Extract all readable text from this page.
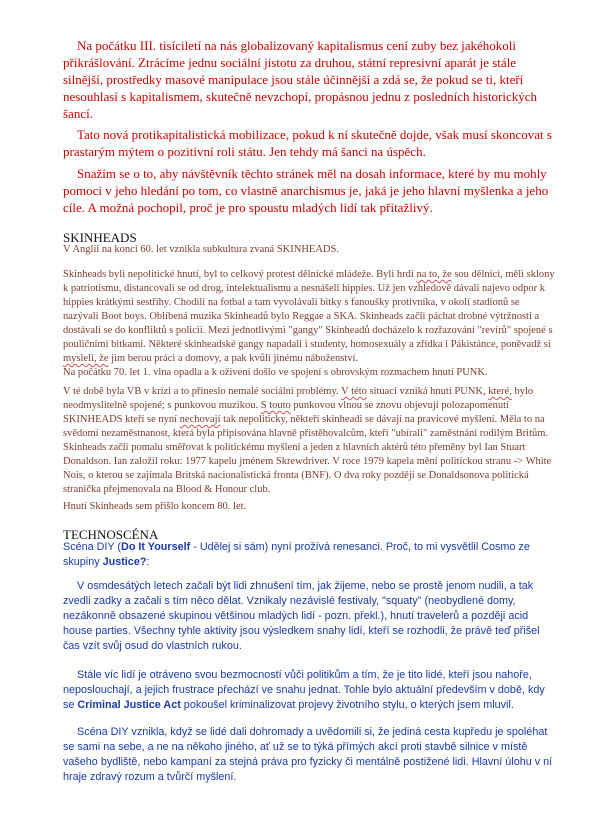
Na počátku III. tisíciletí na nás globalizovaný kapitalismus cení zuby bez jakéhokoli přikrášlování. Ztrácíme jednu sociální jistotu za druhou, státní represivní aparát je stále silnější, prostředky masové manipulace jsou stále účinnější a zdá se, že pokud se ti, kteří nesouhlasí s kapitalismem, skutečně nevzchopí, propásnou jednu z posledních historických šancí.

Tato nová protikapitalistická mobilizace, pokud k ní skutečně dojde, však musí skoncovat s prastarým mýtem o pozitivní roli státu. Jen tehdy má šanci na úspěch.

Snažím se o to, aby návštěvník těchto stránek měl na dosah informace, které by mu mohly pomoci v jeho hledání po tom, co vlastně anarchismus je, jaká je jeho hlavní myšlenka a jeho cíle. A možná pochopil, proč je pro spoustu mladých lidí tak přitažlivý.

SKINHEADS

V Anglii na konci 60. let vznikla subkultura zvaná SKINHEADS.

Skinheads byli nepolitické hnutí, byl to celkový protest dělnické mládeže. Byli hrdi na to, že sou dělníci, měli sklony k patriotismu, distancovali se od drog, intelektualismu a nesnášeli hippies. Už jen vzhledově dávali najevo odpor k hippies krátkými sestřihy. Chodili na fotbal a tam vyvolávali bitky s fanoušky protivníka, v okolí stadionů se nazývali Boot boys. Oblíbená muzika Skinheadů bylo Reggae a SKA. Skinheads začli páchat drobné výtržnosti a dostávali se do konfliktů s policií. Mezi jednotlivými "gangy" Skinheadů docházelo k rozřazování "revírů" spojené s pouličními bitkami. Některé skinheadské gangy napadali i studenty, homosexuály a zřídka i Pákistánce, poněvadž si mysleli, že jim berou práci a domovy, a pak kvůli jinému náboženství.
Na počátku 70. let 1. vlna opadla a k oživení došlo ve spojení s obrovským rozmachem hnutí PUNK.

V té době byla VB v krizi a to přineslo nemalé sociální problémy. V této situaci vzniká hnutí PUNK, které, bylo neodmyslitelně spojené; s punkovou muzikou. S touto punkovou vlnou se znovu objevují polozapomenutí SKINHEADS kteří se nyní nechovají tak nepoliticky, někteří skinheadi se dávají na pravicové myšlení. Měla to na svědomí nezaměstnanost, která byla připisována hlavně přistěhovalcům, kteří "ubírali" zaměstnání rodilým Britům. Skinheads začli pomalu směřovat k politickému myšlení a jeden z hlavních aktérů této přeměny byl Ian Stuart Donaldson. Ian založil roku: 1977 kapelu jménem Skrewdriver. V roce 1979 kapela mění politickou stranu -> White Nois, o kterou se zajímala Britská nacionalistická fronta (BNF). O dva roky později se Donaldsonova politická stranička přejmenovala na Blood & Honour club.

Hnutí Skinheads sem přišlo koncem 80. let.

TECHNOSCÉNA

Scéna DIY (Do It Yourself - Udělej si sám) nyní prožívá renesanci. Proč, to mi vysvětlil Cosmo ze skupiny Justice?:

V osmdesátých letech začali být lidi zhnušení tím, jak žijeme, nebo se prostě jenom nudili, a tak zvedli zadky a začali s tím něco dělat. Vznikaly nezávislé festivaly, "squaty" (neobydlené domy, nezákonně obsazené skupinou většinou mladých lidí - pozn. překl.), hnutí travelerů a později acid house parties. Všechny tyhle aktivity jsou výsledkem snahy lidí, kteří se rozhodli, že právě teď přišel čas vzít svůj osud do vlastních rukou.

Stále víc lidí je otráveno svou bezmocností vůči politikům a tím, že je tito lidé, kteří jsou nahoře, neposlouchají, a jejich frustrace přechází ve snahu jednat. Tohle bylo aktuální především v době, kdy se Criminal Justice Act pokoušel kriminalizovat projevy životního stylu, o kterých jsem mluvil.

Scéna DIY vznikla, když se lidé dali dohromady a uvědomili si, že jediná cesta kupředu je spoléhat se sami na sebe, a ne na někoho jiného, ať už se to týká přímých akcí proti stavbě silnice v místě vašeho bydliště, nebo kampaní za stejná práva pro fyzicky či mentálně postižené lidi. Hlavní úlohu v ní hraje zdravý rozum a tvůrčí myšlení.
